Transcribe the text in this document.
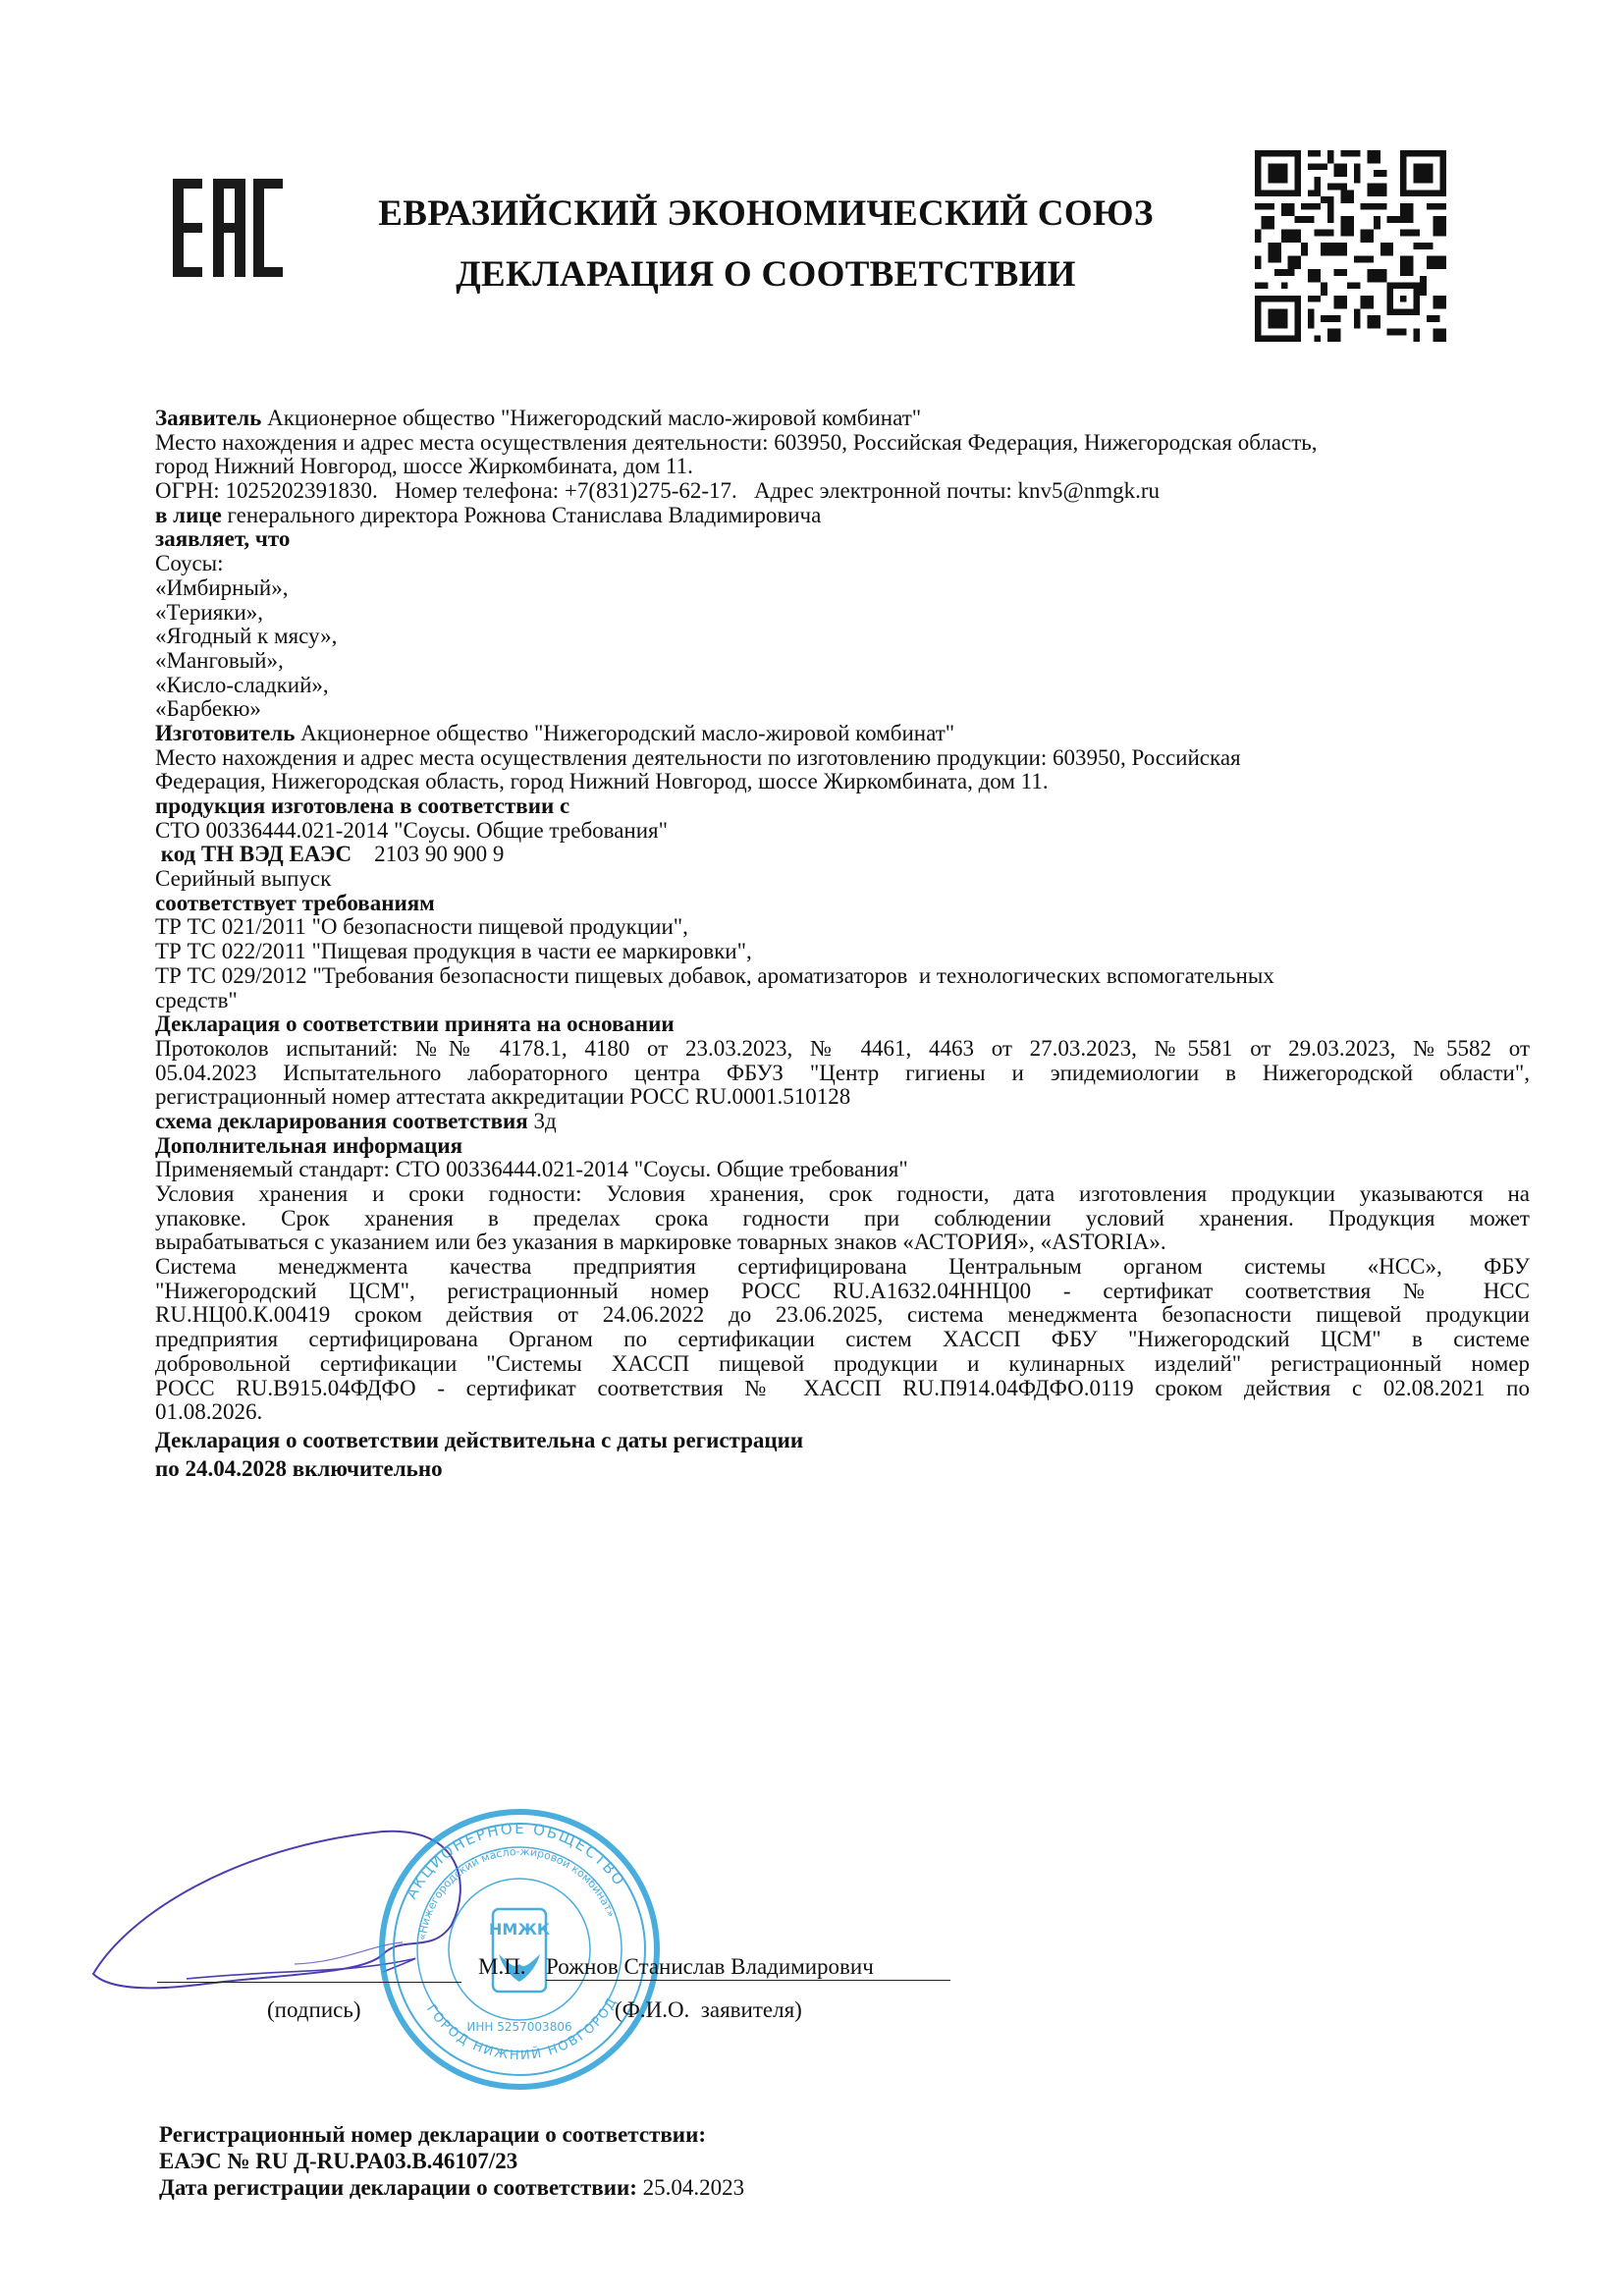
ЕВРАЗИЙСКИЙ ЭКОНОМИЧЕСКИЙ СОЮЗ
ДЕКЛАРАЦИЯ О СООТВЕТСТВИИ
Заявитель Акционерное общество "Нижегородский масло-жировой комбинат"
Место нахождения и адрес места осуществления деятельности: 603950, Российская Федерация, Нижегородская область,
город Нижний Новгород, шоссе Жиркомбината, дом 11.
ОГРН: 1025202391830.   Номер телефона: +7(831)275-62-17.   Адрес электронной почты: knv5@nmgk.ru
в лице генерального директора Рожнова Станислава Владимировича
заявляет, что
Соусы:
«Имбирный»,
«Терияки»,
«Ягодный к мясу»,
«Манговый»,
«Кисло-сладкий»,
«Барбекю»
Изготовитель Акционерное общество "Нижегородский масло-жировой комбинат"
Место нахождения и адрес места осуществления деятельности по изготовлению продукции: 603950, Российская
Федерация, Нижегородская область, город Нижний Новгород, шоссе Жиркомбината, дом 11.
продукция изготовлена в соответствии с
СТО 00336444.021-2014 "Соусы. Общие требования"
код ТН ВЭД ЕАЭС 2103 90 900 9
Серийный выпуск
соответствует требованиям
ТР ТС 021/2011 "О безопасности пищевой продукции",
ТР ТС 022/2011 "Пищевая продукция в части ее маркировки",
ТР ТС 029/2012 "Требования безопасности пищевых добавок, ароматизаторов  и технологических вспомогательных
средств"
Декларация о соответствии принята на основании
Протоколов испытаний: №№ 4178.1, 4180 от 23.03.2023, № 4461, 4463 от 27.03.2023, №5581 от 29.03.2023, №5582 от
05.04.2023 Испытательного лабораторного центра ФБУЗ "Центр гигиены и эпидемиологии в Нижегородской области",
регистрационный номер аттестата аккредитации РОСС RU.0001.510128
схема декларирования соответствия 3д
Дополнительная информация
Применяемый стандарт: СТО 00336444.021-2014 "Соусы. Общие требования"
Условия хранения и сроки годности: Условия хранения, срок годности, дата изготовления продукции указываются на
упаковке. Срок хранения в пределах срока годности при соблюдении условий хранения. Продукция может
вырабатываться с указанием или без указания в маркировке товарных знаков «АСТОРИЯ», «ASTORIA».
Система менеджмента качества предприятия сертифицирована Центральным органом системы «НСС», ФБУ
"Нижегородский ЦСМ", регистрационный номер РОСС RU.A1632.04ННЦ00 - сертификат соответствия № НСС
RU.НЦ00.К.00419 сроком действия от 24.06.2022 до 23.06.2025, система менеджмента безопасности пищевой продукции
предприятия сертифицирована Органом по сертификации систем ХАССП ФБУ "Нижегородский ЦСМ" в системе
добровольной сертификации "Системы ХАССП пищевой продукции и кулинарных изделий" регистрационный номер
РОСС RU.B915.04ФДФО - сертификат соответствия № ХАССП RU.П914.04ФДФО.0119 сроком действия с 02.08.2021 по
01.08.2026.
Декларация о соответствии действительна с даты регистрации
по 24.04.2028 включительно
АКЦИОНЕРНОЕ ОБЩЕСТВО
«Нижегородский масло-жировой комбинат»
ГОРОД НИЖНИЙ НОВГОРОД
НМЖК
ИНН 5257003806
М.П. Рожнов Станислав Владимирович
(подпись)	(Ф.И.О.  заявителя)
Регистрационный номер декларации о соответствии:
ЕАЭС № RU Д-RU.PA03.B.46107/23
Дата регистрации декларации о соответствии: 25.04.2023
